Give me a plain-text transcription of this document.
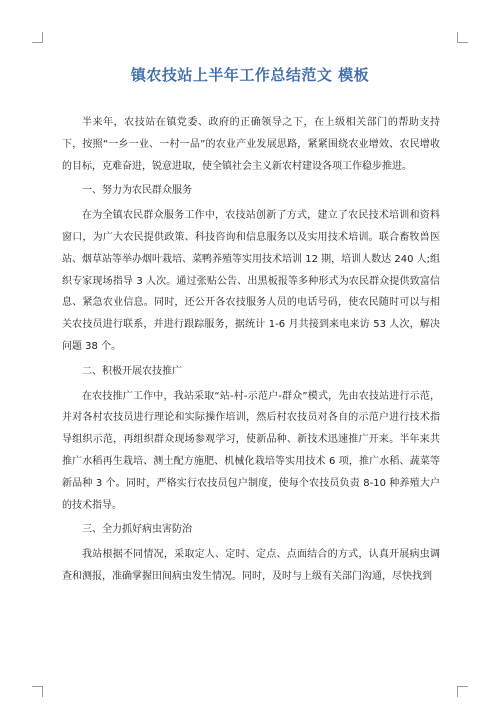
镇农技站上半年工作总结范文 模板

半来年，农技站在镇党委、政府的正确领导之下，在上级相关部门的帮助支持下，按照“一乡一业、一村一品”的农业产业发展思路，紧紧围绕农业增效、农民增收的目标，克难奋进，锐意进取，使全镇社会主义新农村建设各项工作稳步推进。

一、努力为农民群众服务

在为全镇农民群众服务工作中，农技站创新了方式，建立了农民技术培训和资料窗口，为广大农民提供政策、科技咨询和信息服务以及实用技术培训。联合畜牧兽医站、烟草站等举办烟叶栽培、菜鸭养殖等实用技术培训 12 期，培训人数达 240 人;组织专家现场指导 3 人次。通过张贴公告、出黑板报等多种形式为农民群众提供致富信息、紧急农业信息。同时，还公开各农技服务人员的电话号码，使农民随时可以与相关农技员进行联系，并进行跟踪服务，据统计 1-6 月共接到来电来访 53 人次，解决问题 38 个。

二、积极开展农技推广

在农技推广工作中，我站采取“站-村-示范户-群众”模式，先由农技站进行示范，并对各村农技员进行理论和实际操作培训，然后村农技员对各自的示范户进行技术指导组织示范，再组织群众现场参观学习，使新品种、新技术迅速推广开来。半年来共推广水稻再生栽培、测土配方施肥、机械化栽培等实用技术 6 项，推广水稻、蔬菜等新品种 3 个。同时，严格实行农技员包户制度，使每个农技员负责 8-10 种养殖大户的技术指导。

三、全力抓好病虫害防治

我站根据不同情况，采取定人、定时、定点、点面结合的方式，认真开展病虫调查和测报，准确掌握田间病虫发生情况。同时，及时与上级有关部门沟通，尽快找到
